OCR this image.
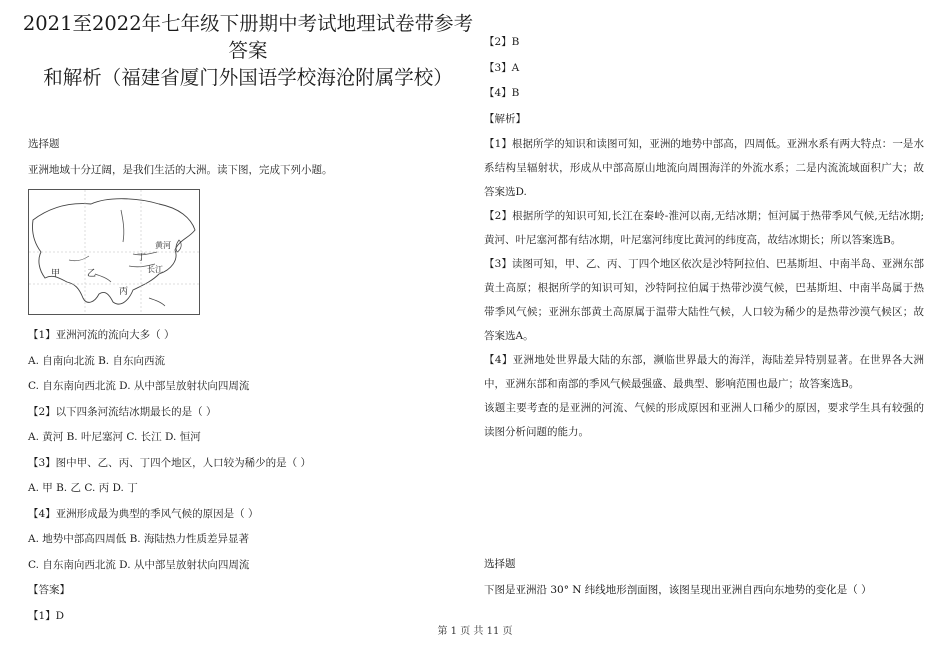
2021至2022年七年级下册期中考试地理试卷带参考答案
和解析（福建省厦门外国语学校海沧附属学校）
选择题
亚洲地域十分辽阔，是我们生活的大洲。读下图，完成下列小题。
甲	乙
丙
丁
长江
黄河
【1】亚洲河流的流向大多（ ）
A. 自南向北流 B. 自东向西流
C. 自东南向西北流 D. 从中部呈放射状向四周流
【2】以下四条河流结冰期最长的是（ ）
A. 黄河 B. 叶尼塞河 C. 长江 D. 恒河
【3】图中甲、乙、丙、丁四个地区，人口较为稀少的是（ ）
A. 甲 B. 乙 C. 丙 D. 丁
【4】亚洲形成最为典型的季风气候的原因是（ ）
A. 地势中部高四周低 B. 海陆热力性质差异显著
C. 自东南向西北流 D. 从中部呈放射状向四周流
【答案】
【1】D
【2】B
【3】A
【4】B
【解析】
【1】根据所学的知识和读图可知，亚洲的地势中部高，四周低。亚洲水系有两大特点：一是水系结构呈辐射状，形成从中部高原山地流向周围海洋的外流水系；二是内流流域面积广大；故答案选D.
【2】根据所学的知识可知,长江在秦岭-淮河以南,无结冰期；恒河属于热带季风气候,无结冰期;黄河、叶尼塞河都有结冰期，叶尼塞河纬度比黄河的纬度高，故结冰期长；所以答案选B。
【3】读图可知，甲、乙、丙、丁四个地区依次是沙特阿拉伯、巴基斯坦、中南半岛、亚洲东部黄土高原；根据所学的知识可知，沙特阿拉伯属于热带沙漠气候，巴基斯坦、中南半岛属于热带季风气候；亚洲东部黄土高原属于温带大陆性气候，人口较为稀少的是热带沙漠气候区；故答案选A。
【4】亚洲地处世界最大陆的东部，濒临世界最大的海洋，海陆差异特别显著。在世界各大洲中，亚洲东部和南部的季风气候最强盛、最典型、影响范围也最广；故答案选B。
该题主要考查的是亚洲的河流、气候的形成原因和亚洲人口稀少的原因，要求学生具有较强的读图分析问题的能力。
选择题
下图是亚洲沿 30° N 纬线地形剖面图，该图呈现出亚洲自西向东地势的变化是（ ）
第 1 页 共 11 页
